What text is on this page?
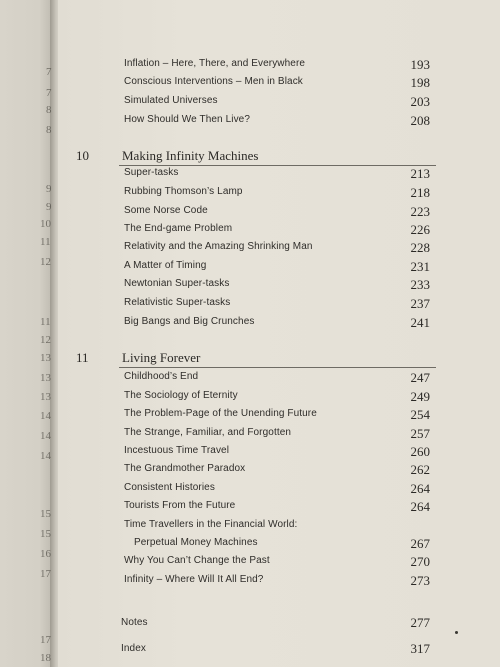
7
7
8
8
9
9
10
11
12
11
12
13
13
13
14
14
14
15
15
16
17
17
18
Inflation – Here, There, and Everywhere	193
Conscious Interventions – Men in Black	198
Simulated Universes	203
How Should We Then Live?	208
10	Making Infinity Machines
Super-tasks	213
Rubbing Thomson’s Lamp	218
Some Norse Code	223
The End-game Problem	226
Relativity and the Amazing Shrinking Man	228
A Matter of Timing	231
Newtonian Super-tasks	233
Relativistic Super-tasks	237
Big Bangs and Big Crunches	241
11	Living Forever
Childhood’s End	247
The Sociology of Eternity	249
The Problem-Page of the Unending Future	254
The Strange, Familiar, and Forgotten	257
Incestuous Time Travel	260
The Grandmother Paradox	262
Consistent Histories	264
Tourists From the Future	264
Time Travellers in the Financial World:
Perpetual Money Machines	267
Why You Can’t Change the Past	270
Infinity – Where Will It All End?	273
Notes	277
Index	317
